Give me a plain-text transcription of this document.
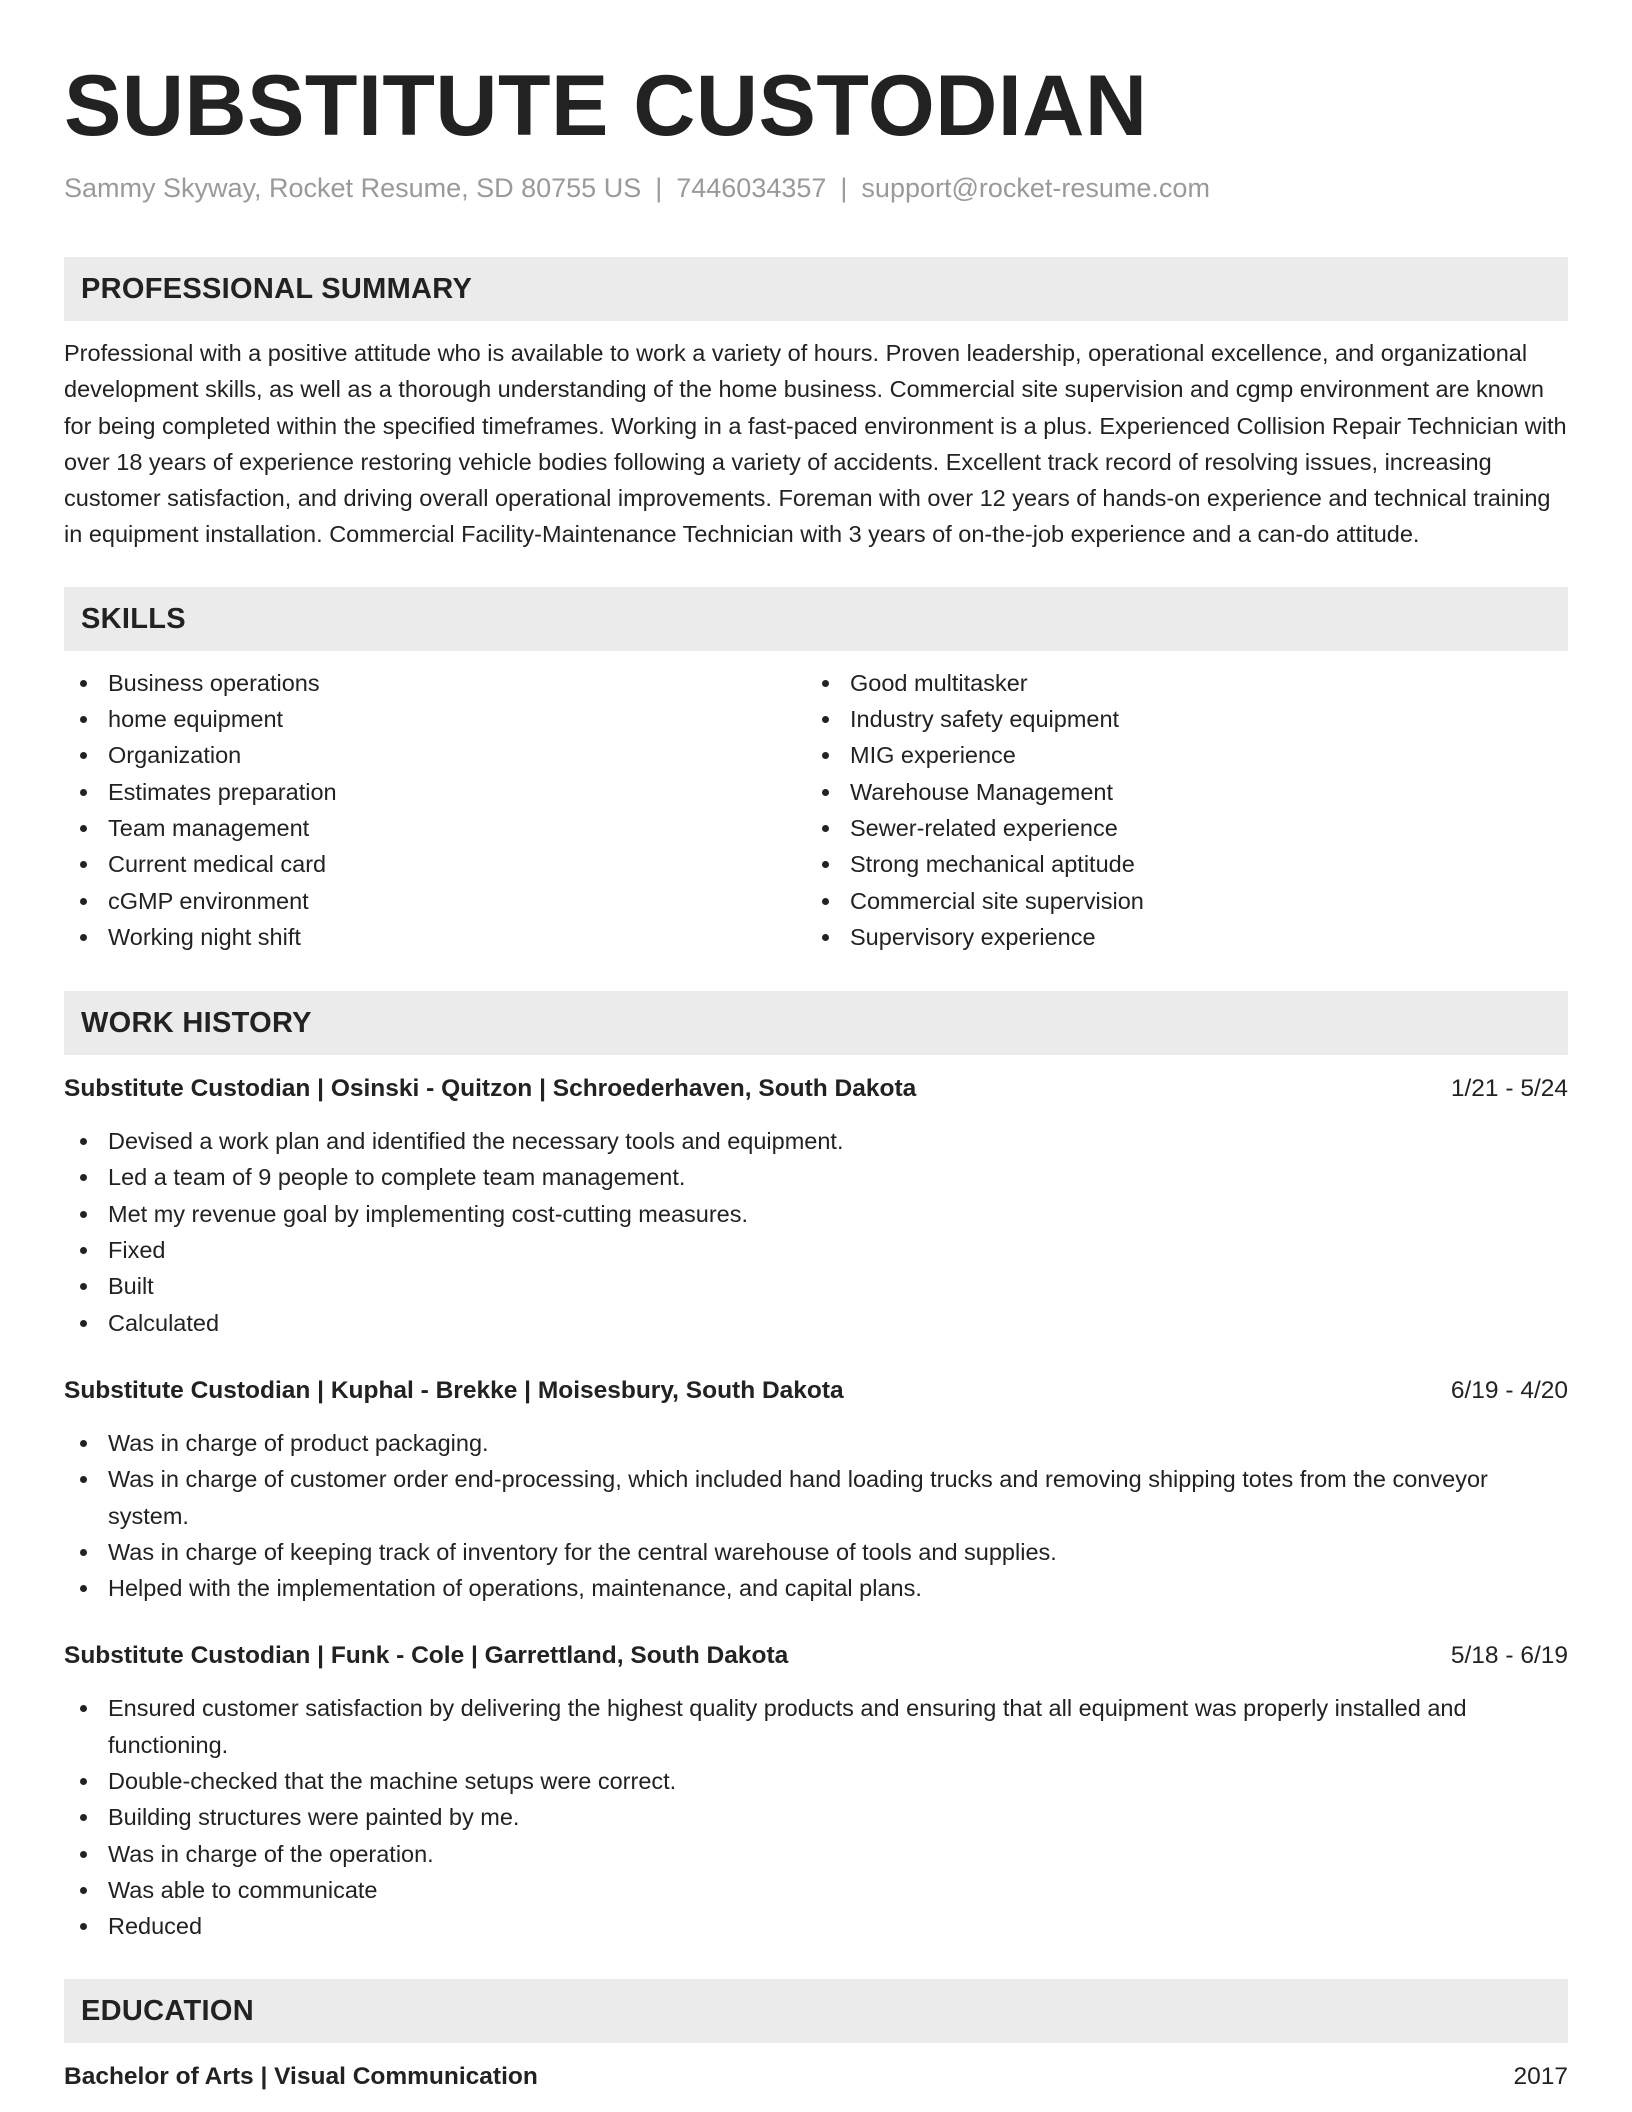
SUBSTITUTE CUSTODIAN
Sammy Skyway, Rocket Resume, SD 80755 US | 7446034357 | support@rocket-resume.com
PROFESSIONAL SUMMARY

Professional with a positive attitude who is available to work a variety of hours. Proven leadership, operational excellence, and organizational development skills, as well as a thorough understanding of the home business. Commercial site supervision and cgmp environment are known for being completed within the specified timeframes. Working in a fast-paced environment is a plus. Experienced Collision Repair Technician with over 18 years of experience restoring vehicle bodies following a variety of accidents. Excellent track record of resolving issues, increasing customer satisfaction, and driving overall operational improvements. Foreman with over 12 years of hands-on experience and technical training in equipment installation. Commercial Facility-Maintenance Technician with 3 years of on-the-job experience and a can-do attitude.

SKILLS
Business operations
home equipment
Organization
Estimates preparation
Team management
Current medical card
cGMP environment
Working night shift
Good multitasker
Industry safety equipment
MIG experience
Warehouse Management
Sewer-related experience
Strong mechanical aptitude
Commercial site supervision
Supervisory experience
WORK HISTORY
Substitute Custodian | Osinski - Quitzon | Schroederhaven, South Dakota	1/21 - 5/24
Devised a work plan and identified the necessary tools and equipment.
Led a team of 9 people to complete team management.
Met my revenue goal by implementing cost-cutting measures.
Fixed
Built
Calculated
Substitute Custodian | Kuphal - Brekke | Moisesbury, South Dakota	6/19 - 4/20
Was in charge of product packaging.
Was in charge of customer order end-processing, which included hand loading trucks and removing shipping totes from the conveyor system.
Was in charge of keeping track of inventory for the central warehouse of tools and supplies.
Helped with the implementation of operations, maintenance, and capital plans.
Substitute Custodian | Funk - Cole | Garrettland, South Dakota	5/18 - 6/19
Ensured customer satisfaction by delivering the highest quality products and ensuring that all equipment was properly installed and functioning.
Double-checked that the machine setups were correct.
Building structures were painted by me.
Was in charge of the operation.
Was able to communicate
Reduced
EDUCATION
Bachelor of Arts | Visual Communication	2017
